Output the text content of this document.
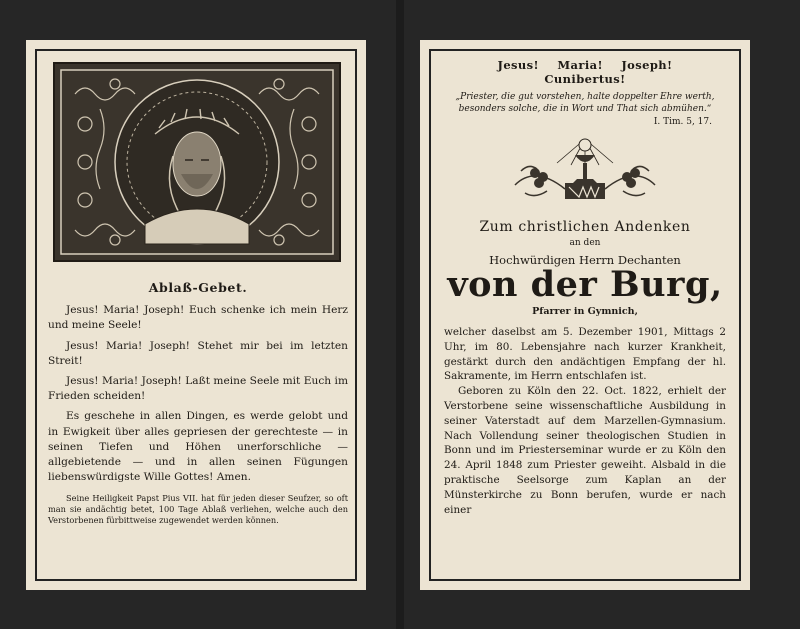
Ablaß-Gebet.

Jesus! Maria! Joseph! Euch schenke ich mein Herz und meine Seele!

Jesus! Maria! Joseph! Stehet mir bei im letzten Streit!

Jesus! Maria! Joseph! Laßt meine Seele mit Euch im Frieden scheiden!

Es geschehe in allen Dingen, es werde gelobt und in Ewigkeit über alles gepriesen der gerechteste — in seinen Tiefen und Höhen unerforschliche — allgebietende — und in allen seinen Fügungen liebenswürdigste Wille Gottes! Amen.

Seine Heiligkeit Papst Pius VII. hat für jeden dieser Seufzer, so oft man sie andächtig betet, 100 Tage Ablaß verliehen, welche auch den Verstorbenen fürbittweise zugewendet werden können.

Jesus! Maria! Joseph! Cunibertus!
„Priester, die gut vorstehen, halte doppelter Ehre werth, besonders solche, die in Wort und That sich abmühen.“
I. Tim. 5, 17.
Zum christlichen Andenken
an den
Hochwürdigen Herrn Dechanten
von der Burg,
Pfarrer in Gymnich,

welcher daselbst am 5. Dezember 1901, Mittags 2 Uhr, im 80. Lebensjahre nach kurzer Krankheit, gestärkt durch den andächtigen Empfang der hl. Sakramente, im Herrn entschlafen ist.

Geboren zu Köln den 22. Oct. 1822, erhielt der Verstorbene seine wissenschaftliche Ausbildung in seiner Vaterstadt auf dem Marzellen-Gymnasium. Nach Vollendung seiner theologischen Studien in Bonn und im Priesterseminar wurde er zu Köln den 24. April 1848 zum Priester geweiht. Alsbald in die praktische Seelsorge zum Kaplan an der Münsterkirche zu Bonn berufen, wurde er nach einer
